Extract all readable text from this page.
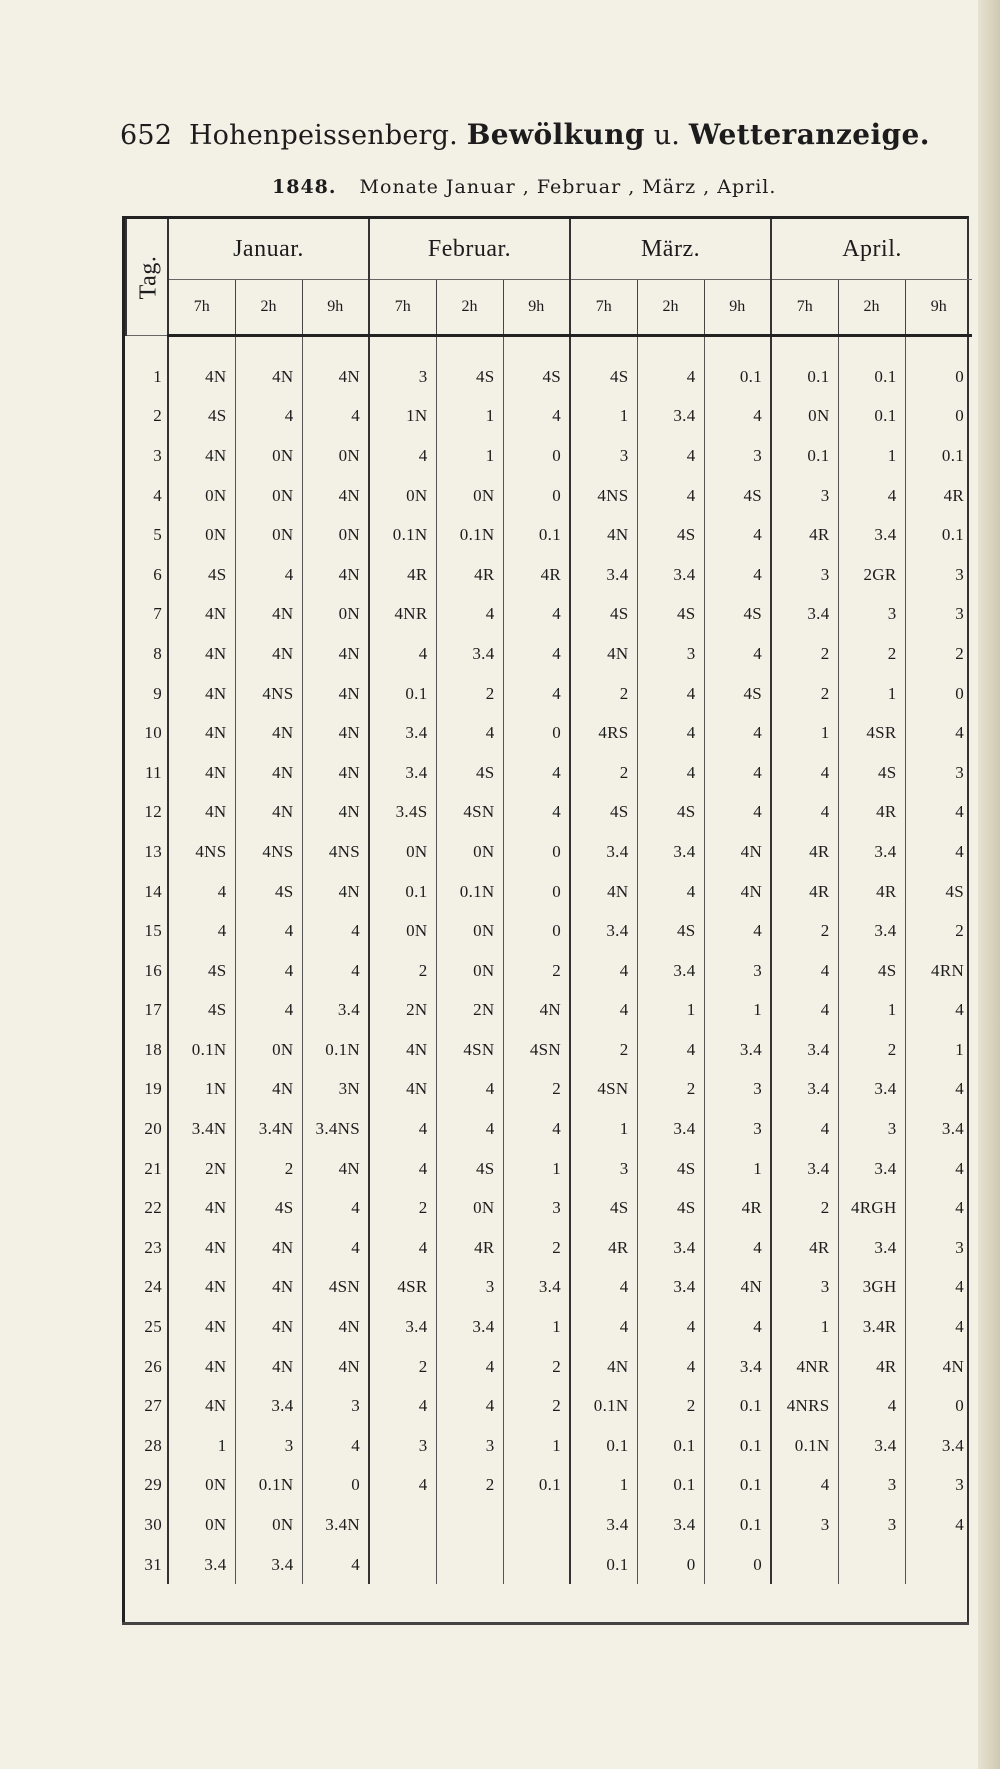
652 Hohenpeissenberg. Bewölkung u. Wetteranzeige.
1848. Monate Januar , Februar , März , April.
Tag.	Januar.			Februar.			März.			April.		
	7h	2h	9h	7h	2h	9h	7h	2h	9h	7h	2h	9h

1	4N	4N	4N	3	4S	4S	4S	4	0.1	0.1	0.1	0
2	4S	4	4	1N	1	4	1	3.4	4	0N	0.1	0
3	4N	0N	0N	4	1	0	3	4	3	0.1	1	0.1
4	0N	0N	4N	0N	0N	0	4NS	4	4S	3	4	4R
5	0N	0N	0N	0.1N	0.1N	0.1	4N	4S	4	4R	3.4	0.1
6	4S	4	4N	4R	4R	4R	3.4	3.4	4	3	2GR	3
7	4N	4N	0N	4NR	4	4	4S	4S	4S	3.4	3	3
8	4N	4N	4N	4	3.4	4	4N	3	4	2	2	2
9	4N	4NS	4N	0.1	2	4	2	4	4S	2	1	0
10	4N	4N	4N	3.4	4	0	4RS	4	4	1	4SR	4
11	4N	4N	4N	3.4	4S	4	2	4	4	4	4S	3
12	4N	4N	4N	3.4S	4SN	4	4S	4S	4	4	4R	4
13	4NS	4NS	4NS	0N	0N	0	3.4	3.4	4N	4R	3.4	4
14	4	4S	4N	0.1	0.1N	0	4N	4	4N	4R	4R	4S
15	4	4	4	0N	0N	0	3.4	4S	4	2	3.4	2
16	4S	4	4	2	0N	2	4	3.4	3	4	4S	4RN
17	4S	4	3.4	2N	2N	4N	4	1	1	4	1	4
18	0.1N	0N	0.1N	4N	4SN	4SN	2	4	3.4	3.4	2	1
19	1N	4N	3N	4N	4	2	4SN	2	3	3.4	3.4	4
20	3.4N	3.4N	3.4NS	4	4	4	1	3.4	3	4	3	3.4
21	2N	2	4N	4	4S	1	3	4S	1	3.4	3.4	4
22	4N	4S	4	2	0N	3	4S	4S	4R	2	4RGH	4
23	4N	4N	4	4	4R	2	4R	3.4	4	4R	3.4	3
24	4N	4N	4SN	4SR	3	3.4	4	3.4	4N	3	3GH	4
25	4N	4N	4N	3.4	3.4	1	4	4	4	1	3.4R	4
26	4N	4N	4N	2	4	2	4N	4	3.4	4NR	4R	4N
27	4N	3.4	3	4	4	2	0.1N	2	0.1	4NRS	4	0
28	1	3	4	3	3	1	0.1	0.1	0.1	0.1N	3.4	3.4
29	0N	0.1N	0	4	2	0.1	1	0.1	0.1	4	3	3
30	0N	0N	3.4N				3.4	3.4	0.1	3	3	4
31	3.4	3.4	4				0.1	0	0			
